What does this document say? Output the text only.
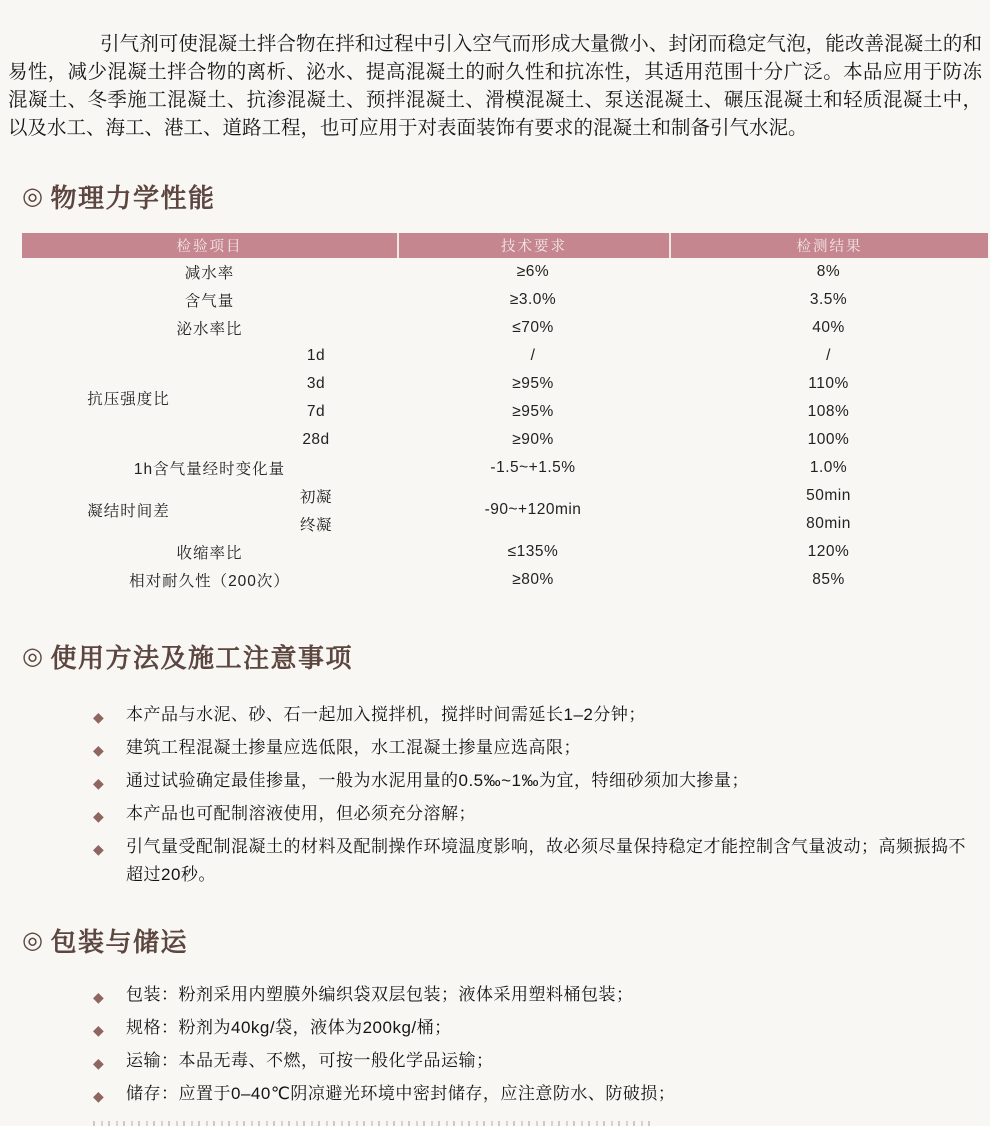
引气剂可使混凝土拌合物在拌和过程中引入空气而形成大量微小、封闭而稳定气泡，能改善混凝土的和易性，减少混凝土拌合物的离析、泌水、提高混凝土的耐久性和抗冻性，其适用范围十分广泛。本品应用于防冻混凝土、冬季施工混凝土、抗渗混凝土、预拌混凝土、滑模混凝土、泵送混凝土、碾压混凝土和轻质混凝土中，以及水工、海工、港工、道路工程，也可应用于对表面装饰有要求的混凝土和制备引气水泥。

◎ 物理力学性能
检验项目		技术要求	检测结果
减水率		≥6%	8%
含气量		≥3.0%	3.5%
泌水率比		≤70%	40%
抗压强度比	1d	/	/
	3d	≥95%	110%
	7d	≥95%	108%
	28d	≥90%	100%
1h含气量经时变化量		-1.5~+1.5%	1.0%
凝结时间差	初凝	-90~+120min	50min
	终凝		80min
收缩率比		≤135%	120%
相对耐久性（200次）		≥80%	85%
◎ 使用方法及施工注意事项
◆ 本产品与水泥、砂、石一起加入搅拌机，搅拌时间需延长1–2分钟；
◆ 建筑工程混凝土掺量应选低限，水工混凝土掺量应选高限；
◆ 通过试验确定最佳掺量，一般为水泥用量的0.5‰~1‰为宜，特细砂须加大掺量；
◆ 本产品也可配制溶液使用，但必须充分溶解；
◆ 引气量受配制混凝土的材料及配制操作环境温度影响，故必须尽量保持稳定才能控制含气量波动；高频振捣不超过20秒。
◎ 包装与储运
◆ 包装：粉剂采用内塑膜外编织袋双层包装；液体采用塑料桶包装；
◆ 规格：粉剂为40kg/袋，液体为200kg/桶；
◆ 运输：本品无毒、不燃，可按一般化学品运输；
◆ 储存：应置于0–40℃阴凉避光环境中密封储存，应注意防水、防破损；
